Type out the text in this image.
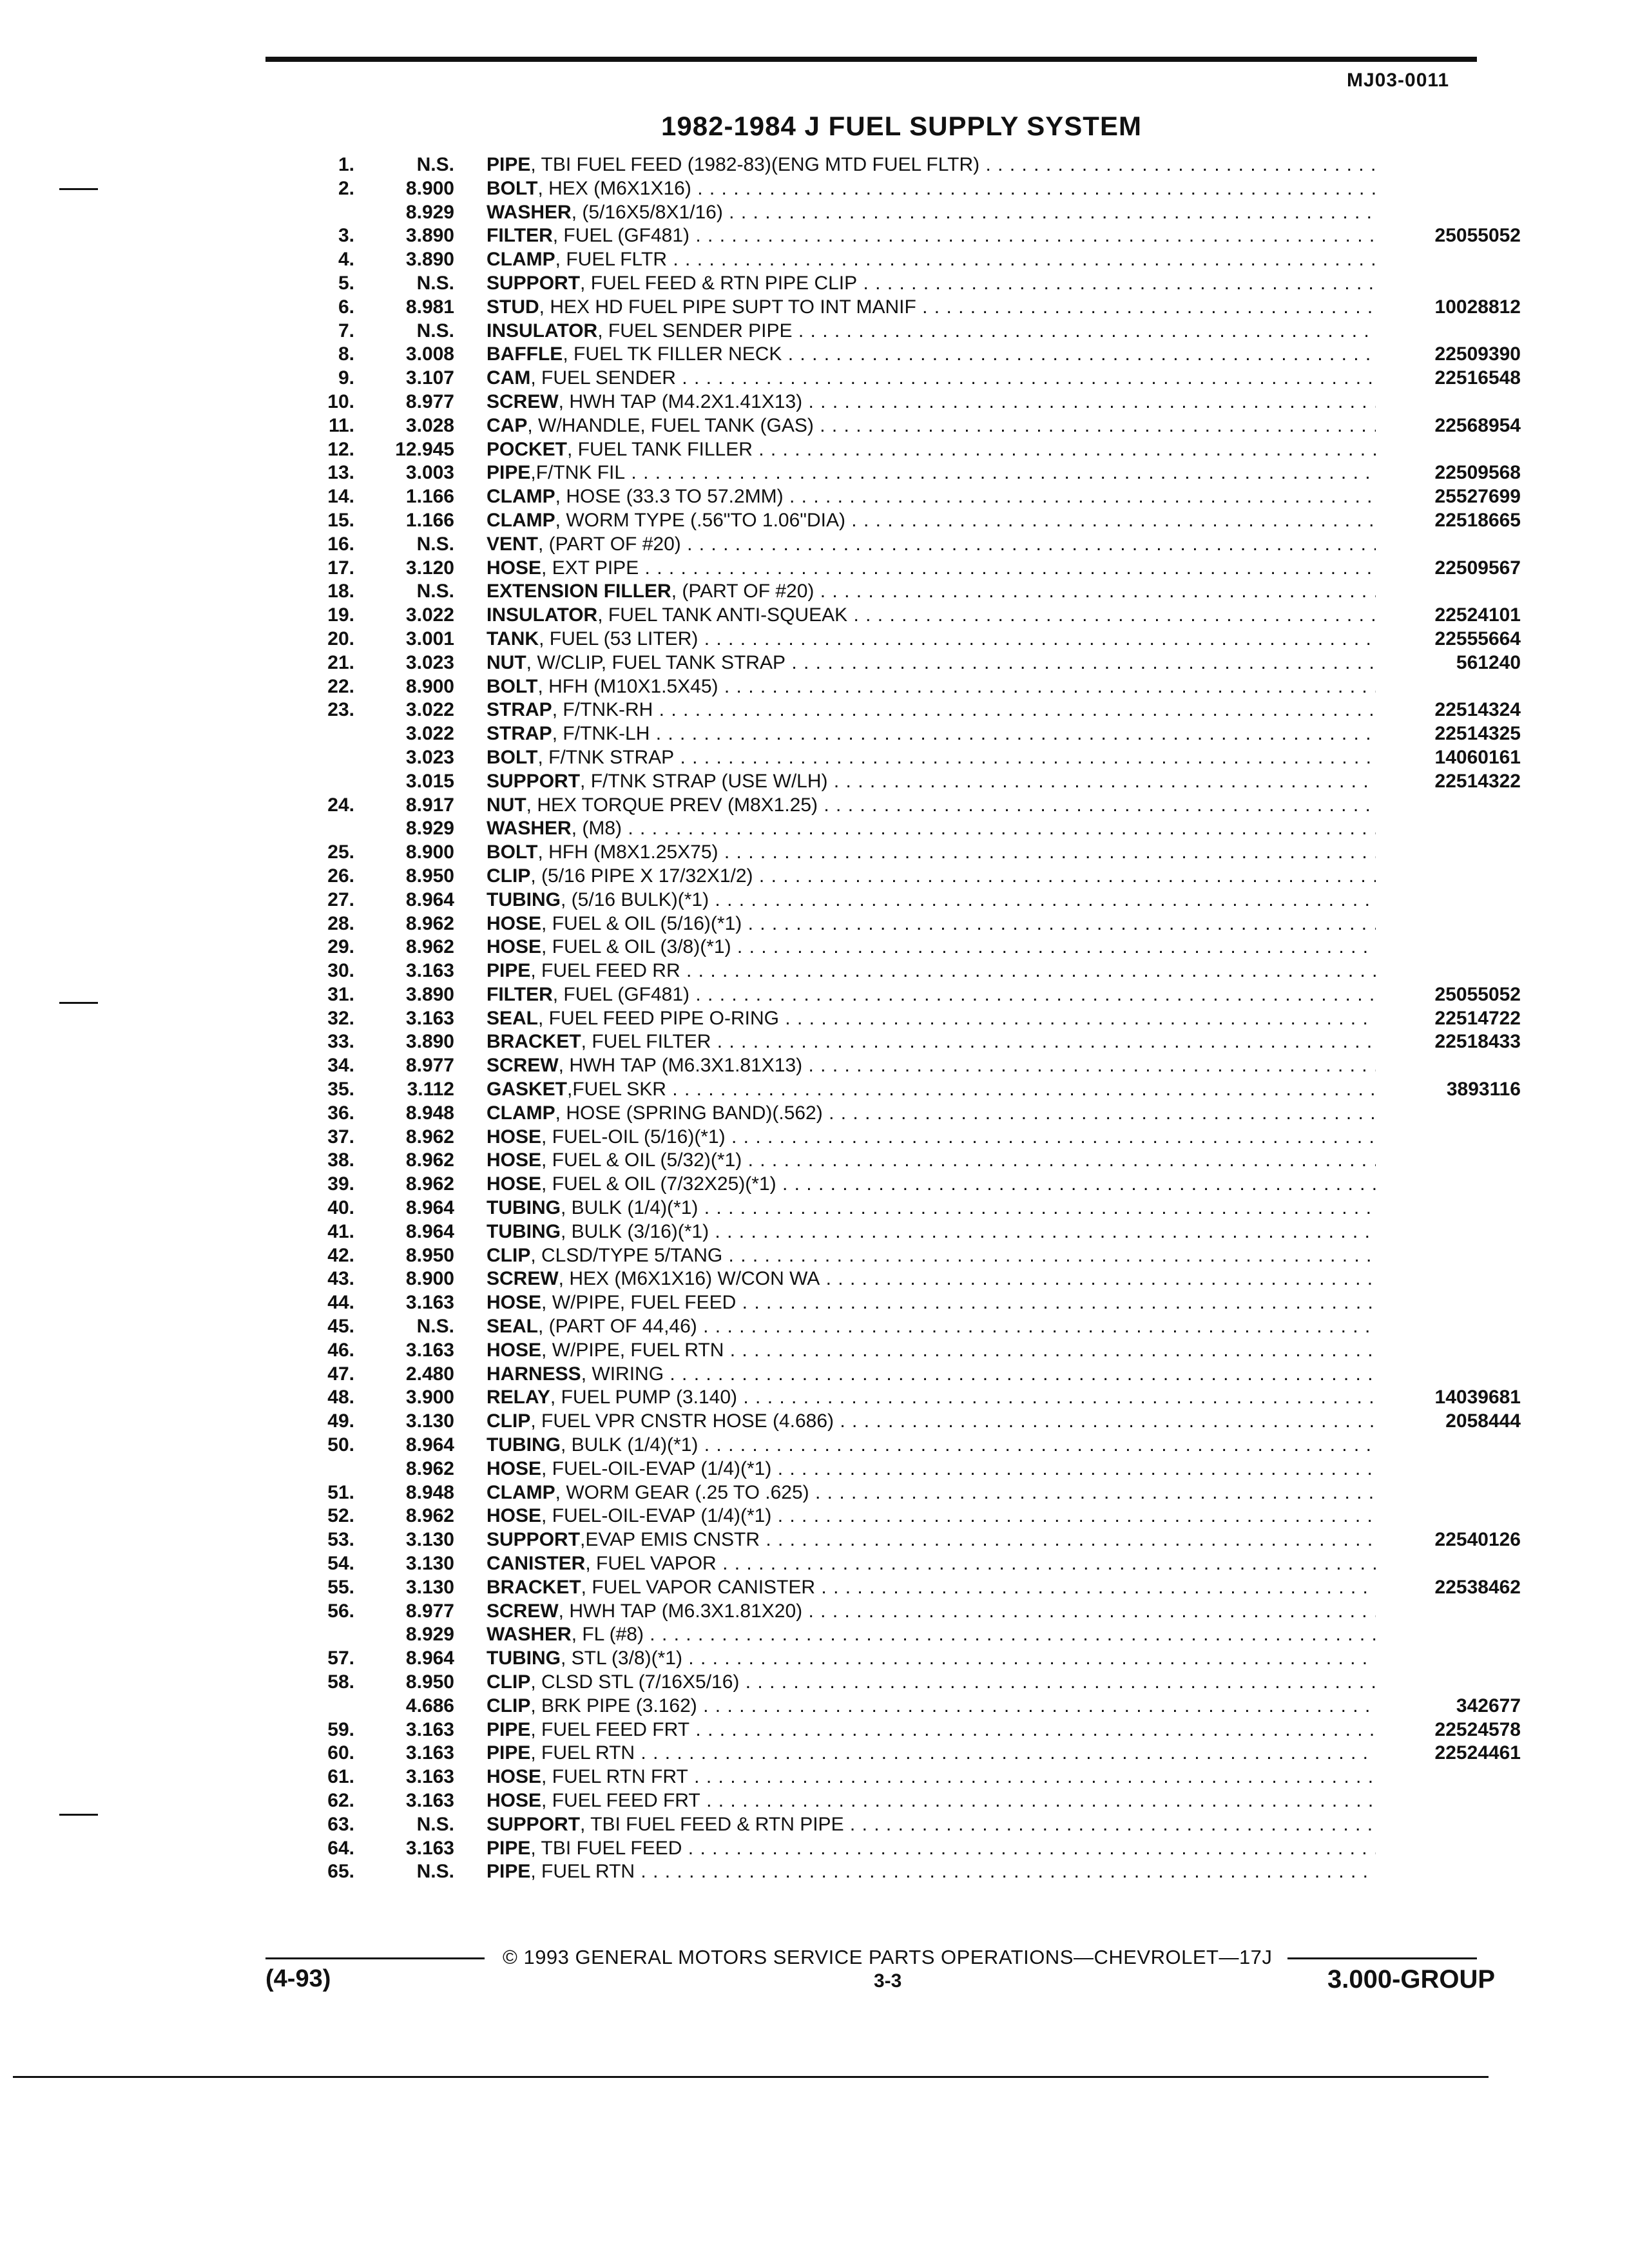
MJ03-0011
1982-1984 J FUEL SUPPLY SYSTEM
1.	N.S. PIPE, TBI FUEL FEED (1982-83)(ENG MTD FUEL FLTR) . . .
2.	8.900 BOLT, HEX (M6X1X16) . . .
8.929 WASHER, (5/16X5/8X1/16) . . .
3.	3.890 FILTER, FUEL (GF481) . . .	25055052
4.	3.890 CLAMP, FUEL FLTR . . .
5.	N.S. SUPPORT, FUEL FEED & RTN PIPE CLIP . . .
6.	8.981 STUD, HEX HD FUEL PIPE SUPT TO INT MANIF . . .	10028812
7.	N.S. INSULATOR, FUEL SENDER PIPE . . .
8.	3.008 BAFFLE, FUEL TK FILLER NECK . . .	22509390
9.	3.107 CAM, FUEL SENDER . . .	22516548
10.	8.977 SCREW, HWH TAP (M4.2X1.41X13) . . .
11.	3.028 CAP, W/HANDLE, FUEL TANK (GAS) . . .	22568954
12. 12.945 POCKET, FUEL TANK FILLER . . .
13.	3.003 PIPE,F/TNK FIL . . .	22509568
14.	1.166 CLAMP, HOSE (33.3 TO 57.2MM) . . .	25527699
15.	1.166 CLAMP, WORM TYPE (.56"TO 1.06"DIA) . . .	22518665
16.	N.S. VENT, (PART OF #20) . . .
17.	3.120 HOSE, EXT PIPE . . .	22509567
18.	N.S. EXTENSION FILLER, (PART OF #20) . . .
19.	3.022 INSULATOR, FUEL TANK ANTI-SQUEAK . . .	22524101
20.	3.001 TANK, FUEL (53 LITER) . . .	22555664
21.	3.023 NUT, W/CLIP, FUEL TANK STRAP . . .	561240
22.	8.900 BOLT, HFH (M10X1.5X45) . . .
23.	3.022 STRAP, F/TNK-RH . . .	22514324
3.022 STRAP, F/TNK-LH . . .	22514325
3.023 BOLT, F/TNK STRAP . . .	14060161
3.015 SUPPORT, F/TNK STRAP (USE W/LH) . . .	22514322
24.	8.917 NUT, HEX TORQUE PREV (M8X1.25) . . .
8.929 WASHER, (M8) . . .
25.	8.900 BOLT, HFH (M8X1.25X75) . . .
26.	8.950 CLIP, (5/16 PIPE X 17/32X1/2) . . .
27.	8.964 TUBING, (5/16 BULK)(*1) . . .
28.	8.962 HOSE, FUEL & OIL (5/16)(*1) . . .
29.	8.962 HOSE, FUEL & OIL (3/8)(*1) . . .
30.	3.163 PIPE, FUEL FEED RR . . .
31.	3.890 FILTER, FUEL (GF481) . . .	25055052
32.	3.163 SEAL, FUEL FEED PIPE O-RING . . .	22514722
33.	3.890 BRACKET, FUEL FILTER . . .	22518433
34.	8.977 SCREW, HWH TAP (M6.3X1.81X13) . . .
35.	3.112 GASKET,FUEL SKR . . .	3893116
36.	8.948 CLAMP, HOSE (SPRING BAND)(.562) . . .
37.	8.962 HOSE, FUEL-OIL (5/16)(*1) . . .
38.	8.962 HOSE, FUEL & OIL (5/32)(*1) . . .
39.	8.962 HOSE, FUEL & OIL (7/32X25)(*1) . . .
40.	8.964 TUBING, BULK (1/4)(*1) . . .
41.	8.964 TUBING, BULK (3/16)(*1) . . .
42.	8.950 CLIP, CLSD/TYPE 5/TANG . . .
43.	8.900 SCREW, HEX (M6X1X16) W/CON WA . . .
44.	3.163 HOSE, W/PIPE, FUEL FEED . . .
45.	N.S. SEAL, (PART OF 44,46) . . .
46.	3.163 HOSE, W/PIPE, FUEL RTN . . .
47.	2.480 HARNESS, WIRING . . .
48.	3.900 RELAY, FUEL PUMP (3.140) . . .	14039681
49.	3.130 CLIP, FUEL VPR CNSTR HOSE (4.686) . . .	2058444
50.	8.964 TUBING, BULK (1/4)(*1) . . .
8.962 HOSE, FUEL-OIL-EVAP (1/4)(*1) . . .
51.	8.948 CLAMP, WORM GEAR (.25 TO .625) . . .
52.	8.962 HOSE, FUEL-OIL-EVAP (1/4)(*1) . . .
53.	3.130 SUPPORT,EVAP EMIS CNSTR . . .	22540126
54.	3.130 CANISTER, FUEL VAPOR . . .
55.	3.130 BRACKET, FUEL VAPOR CANISTER . . .	22538462
56.	8.977 SCREW, HWH TAP (M6.3X1.81X20) . . .
8.929 WASHER, FL (#8) . . .
57.	8.964 TUBING, STL (3/8)(*1) . . .
58.	8.950 CLIP, CLSD STL (7/16X5/16) . . .
4.686 CLIP, BRK PIPE (3.162) . . .	342677
59.	3.163 PIPE, FUEL FEED FRT . . .	22524578
60.	3.163 PIPE, FUEL RTN . . .	22524461
61.	3.163 HOSE, FUEL RTN FRT . . .
62.	3.163 HOSE, FUEL FEED FRT . . .
63.	N.S. SUPPORT, TBI FUEL FEED & RTN PIPE . . .
64.	3.163 PIPE, TBI FUEL FEED . . .
65.	N.S. PIPE, FUEL RTN . . .
© 1993 GENERAL MOTORS SERVICE PARTS OPERATIONS—CHEVROLET—17J
(4-93)	3-3	3.000-GROUP
